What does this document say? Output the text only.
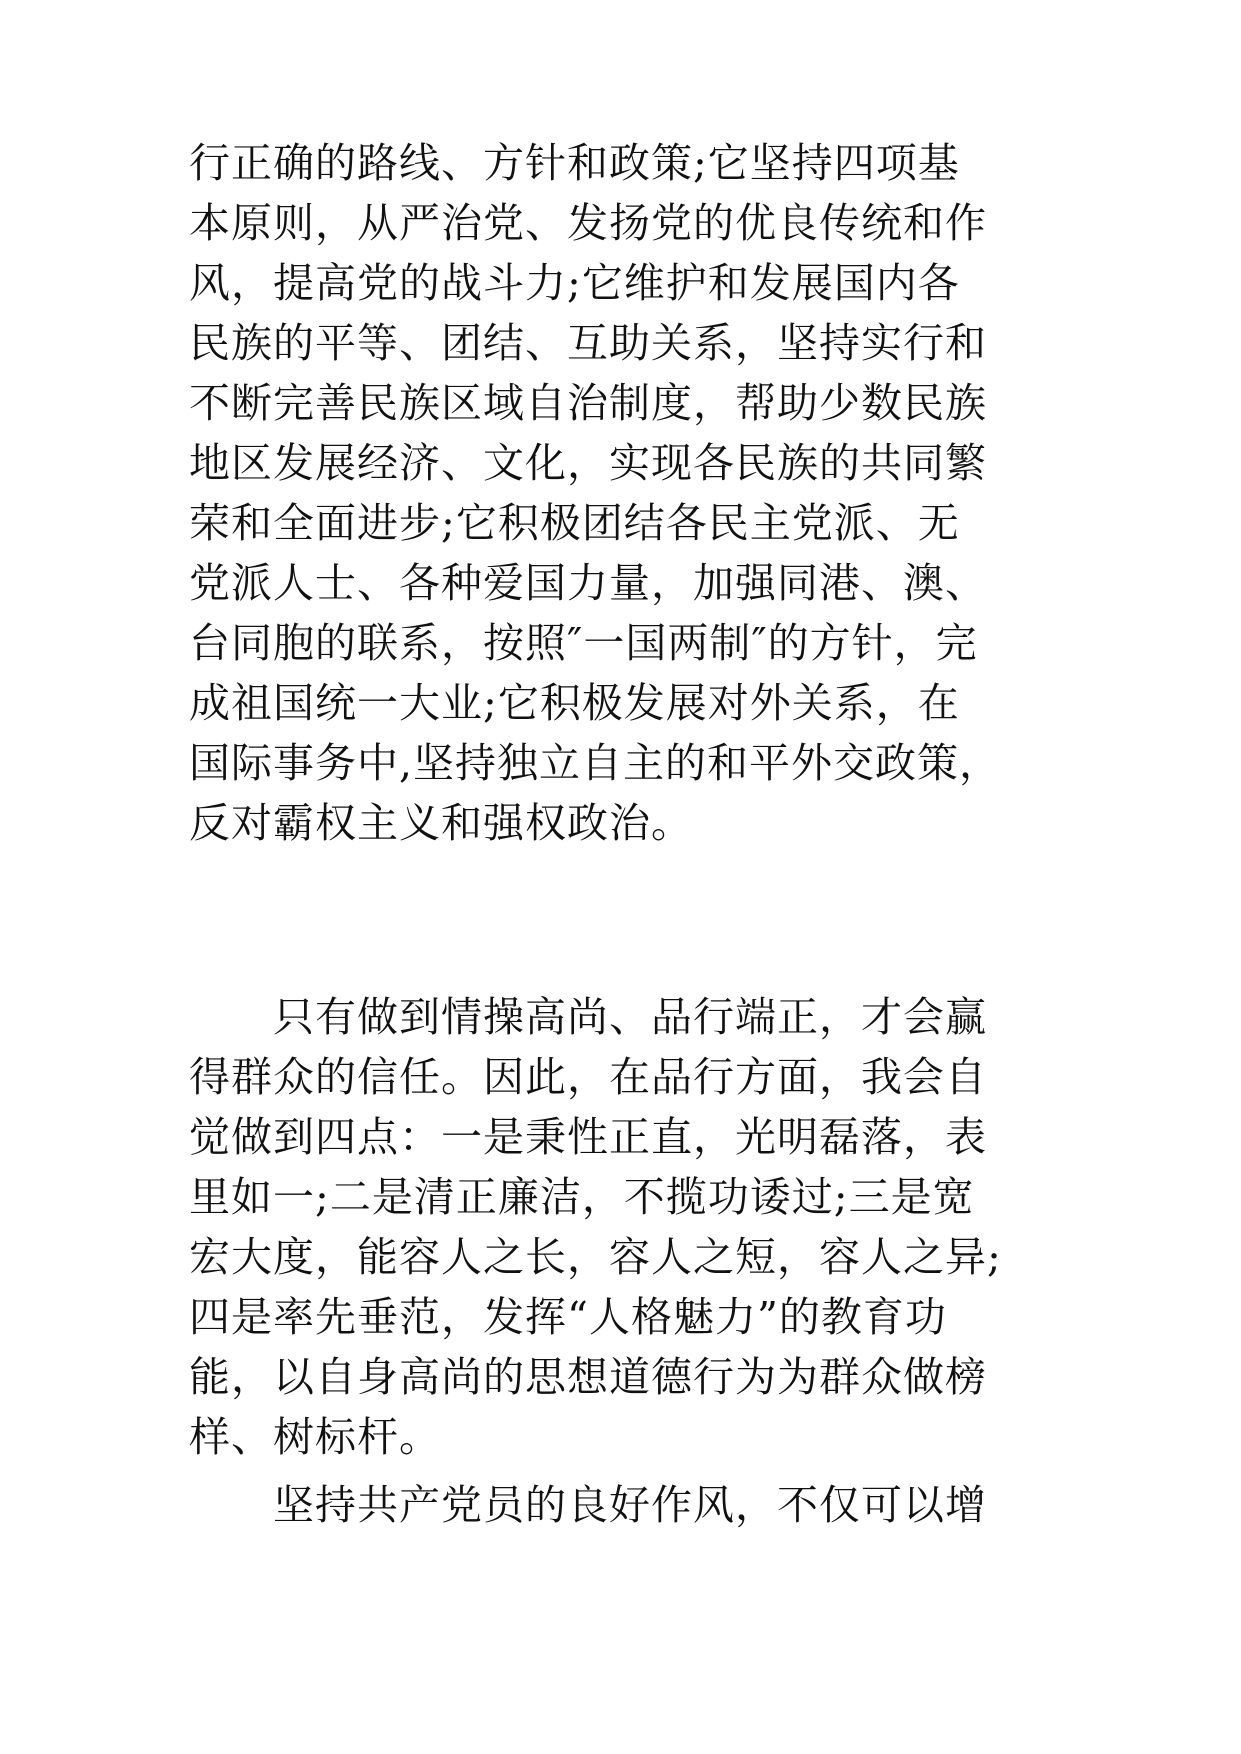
行正确的路线、方针和政策;它坚持四项基
本原则，从严治党、发扬党的优良传统和作
风，提高党的战斗力;它维护和发展国内各
民族的平等、团结、互助关系，坚持实行和
不断完善民族区域自治制度，帮助少数民族
地区发展经济、文化，实现各民族的共同繁
荣和全面进步;它积极团结各民主党派、无
党派人士、各种爱国力量，加强同港、澳、
台同胞的联系，按照″一国两制″的方针，完
成祖国统一大业;它积极发展对外关系，在
国际事务中,坚持独立自主的和平外交政策，
反对霸权主义和强权政治。
　　只有做到情操高尚、品行端正，才会赢
得群众的信任。因此，在品行方面，我会自
觉做到四点：一是秉性正直，光明磊落，表
里如一;二是清正廉洁，不揽功诿过;三是宽
宏大度，能容人之长，容人之短，容人之异;
四是率先垂范，发挥“人格魅力”的教育功
能，以自身高尚的思想道德行为为群众做榜
样、树标杆。
　　坚持共产党员的良好作风，不仅可以增
